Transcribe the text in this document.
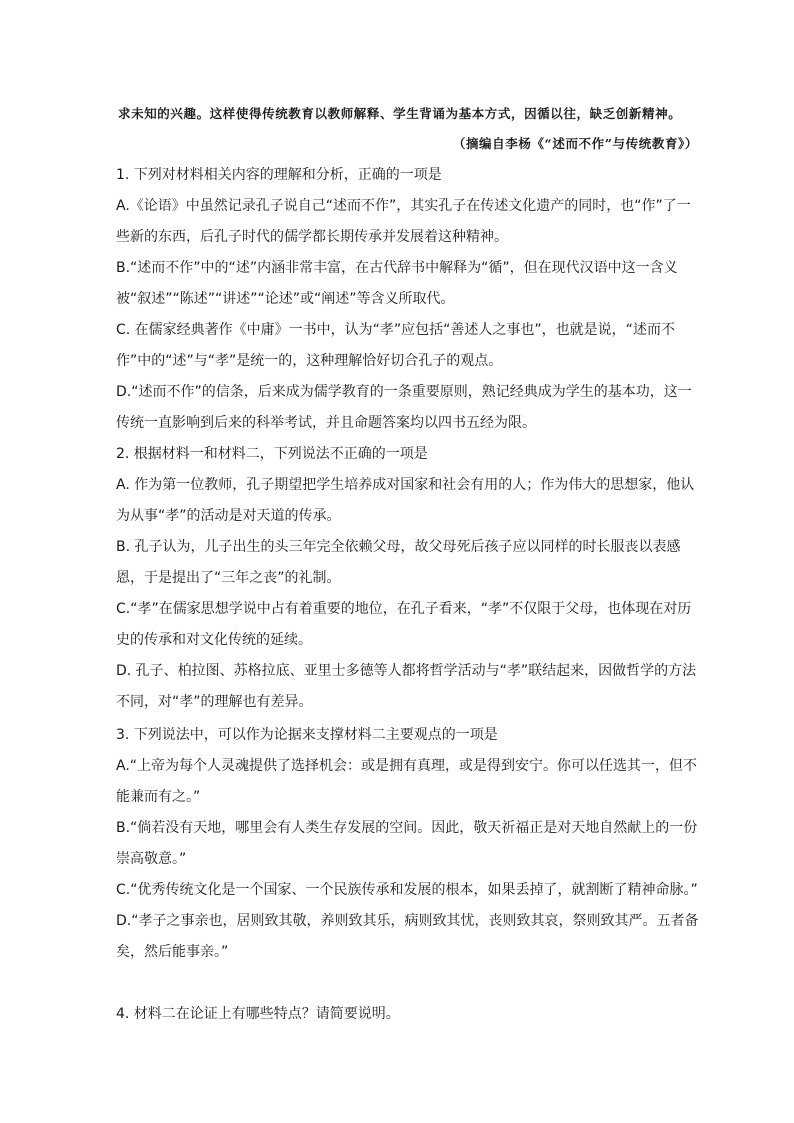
求未知的兴趣。这样使得传统教育以教师解释、学生背诵为基本方式，因循以往，缺乏创新精神。
（摘编自李杨《“述而不作”与传统教育》）

1. 下列对材料相关内容的理解和分析，正确的一项是

A.《论语》中虽然记录孔子说自己“述而不作”，其实孔子在传述文化遗产的同时，也“作”了一些新的东西，后孔子时代的儒学都长期传承并发展着这种精神。

B.“述而不作”中的“述”内涵非常丰富，在古代辞书中解释为“循”，但在现代汉语中这一含义被“叙述”“陈述”“讲述”“论述”或“阐述”等含义所取代。

C. 在儒家经典著作《中庸》一书中，认为“孝”应包括“善述人之事也”，也就是说，“述而不作”中的“述”与“孝”是统一的，这种理解恰好切合孔子的观点。

D.“述而不作”的信条，后来成为儒学教育的一条重要原则，熟记经典成为学生的基本功，这一传统一直影响到后来的科举考试，并且命题答案均以四书五经为限。

2. 根据材料一和材料二，下列说法不正确的一项是

A. 作为第一位教师，孔子期望把学生培养成对国家和社会有用的人；作为伟大的思想家，他认为从事“孝”的活动是对天道的传承。

B. 孔子认为，儿子出生的头三年完全依赖父母，故父母死后孩子应以同样的时长服丧以表感恩，于是提出了“三年之丧”的礼制。

C.“孝”在儒家思想学说中占有着重要的地位，在孔子看来，“孝”不仅限于父母，也体现在对历史的传承和对文化传统的延续。

D. 孔子、柏拉图、苏格拉底、亚里士多德等人都将哲学活动与“孝”联结起来，因做哲学的方法不同，对“孝”的理解也有差异。

3. 下列说法中，可以作为论据来支撑材料二主要观点的一项是

A.“上帝为每个人灵魂提供了选择机会：或是拥有真理，或是得到安宁。你可以任选其一，但不能兼而有之。”

B.“倘若没有天地，哪里会有人类生存发展的空间。因此，敬天祈福正是对天地自然献上的一份崇高敬意。”

C.“优秀传统文化是一个国家、一个民族传承和发展的根本，如果丢掉了，就割断了精神命脉。”

D.“孝子之事亲也，居则致其敬，养则致其乐，病则致其忧，丧则致其哀，祭则致其严。五者备矣，然后能事亲。”

4. 材料二在论证上有哪些特点？请简要说明。
